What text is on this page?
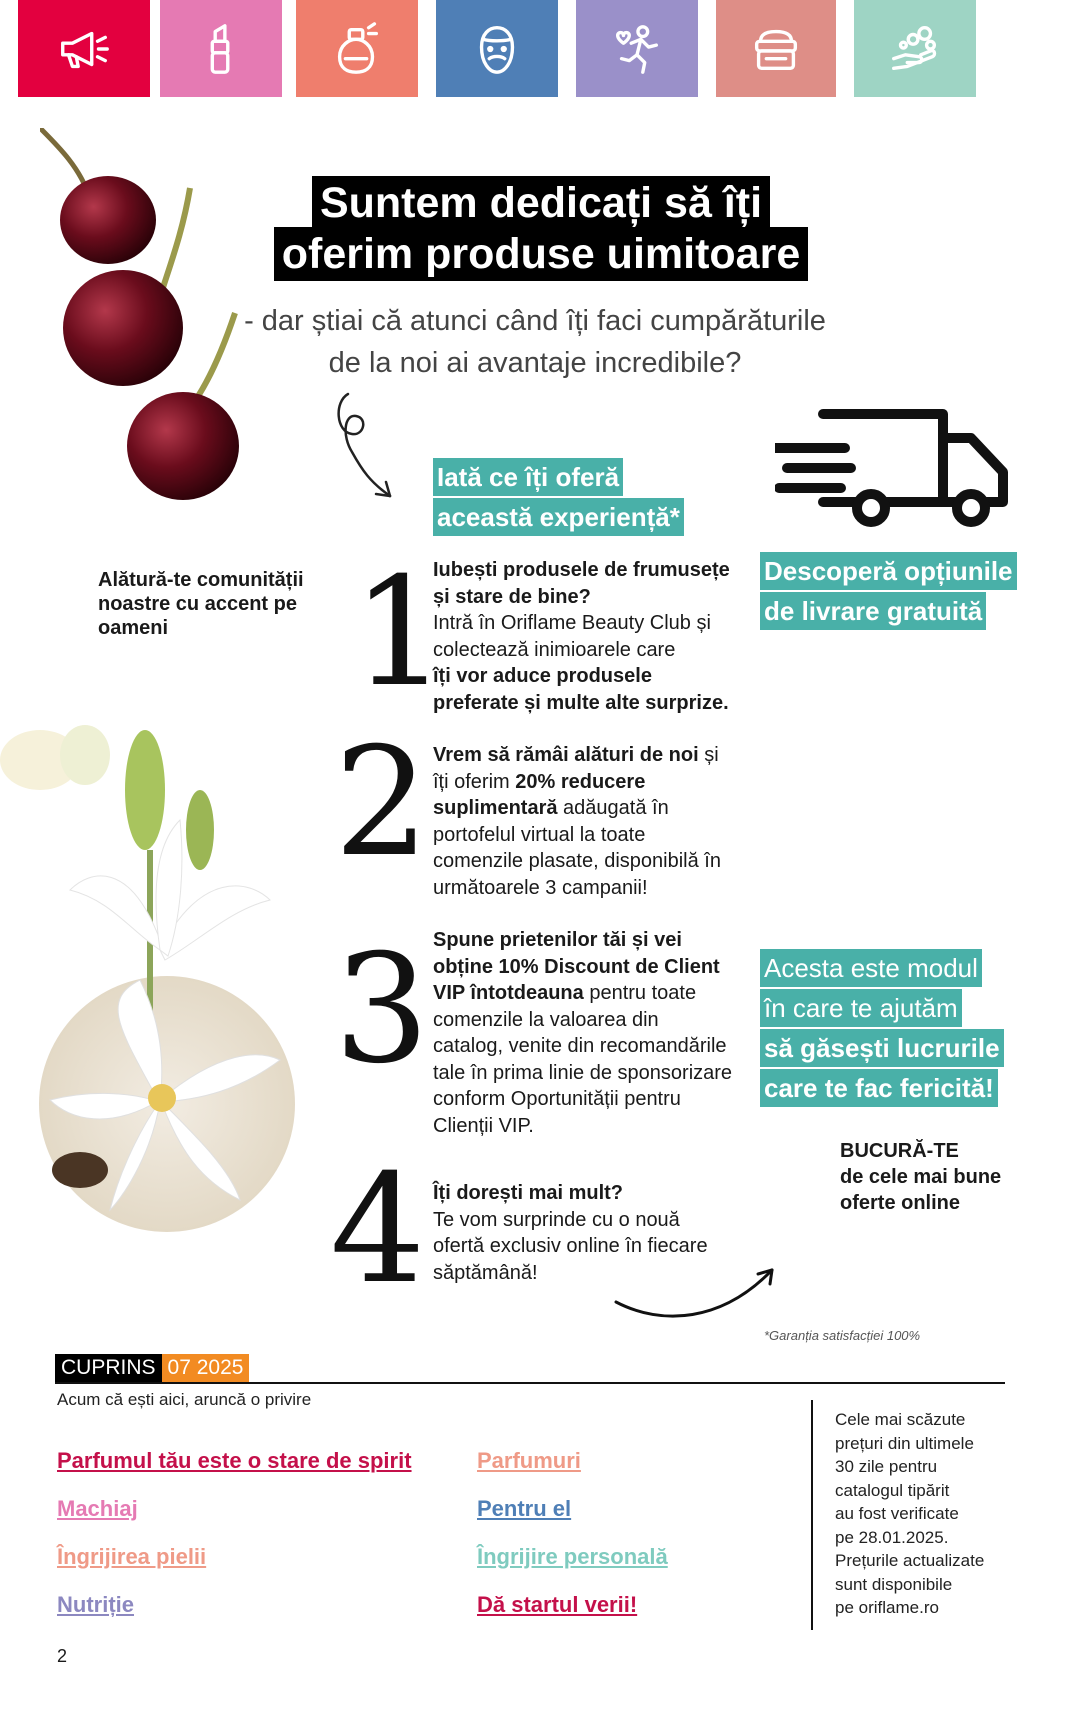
Suntem dedicați să îți
oferim produse uimitoare
- dar știai că atunci când îți faci cumpărăturile
de la noi ai avantaje incredibile?
Iată ce îți oferă
această experiență*
Alătură-te comunității noastre cu accent pe oameni
Descoperă opțiunile
de livrare gratuită
1
Iubești produsele de frumusețe și stare de bine?
Intră în Oriflame Beauty Club și colectează inimioarele care
îți vor aduce produsele preferate și multe alte surprize.
2 Vrem să rămâi alături de noi și îți oferim 20% reducere suplimentară adăugată în portofelul virtual la toate comenzile plasate, disponibilă în următoarele 3 campanii!
3 Spune prietenilor tăi și vei obține 10% Discount de Client VIP întotdeauna pentru toate comenzile la valoarea din catalog, venite din recomandările tale în prima linie de sponsorizare conform Oportunității pentru Clienții VIP.
4 Îți dorești mai mult?
Te vom surprinde cu o nouă ofertă exclusiv online în fiecare săptămână!
Acesta este modul
în care te ajutăm
să găsești lucrurile
care te fac fericită!
BUCURĂ-TE
de cele mai bune
oferte online
*Garanția satisfacției 100%
CUPRINS 07 2025
Acum că ești aici, aruncă o privire
Parfumul tău este o stare de spirit
Machiaj
Îngrijirea pielii
Nutriție
Parfumuri
Pentru el
Îngrijire personală
Dă startul verii!
Cele mai scăzute
prețuri din ultimele
30 zile pentru
catalogul tipărit
au fost verificate
pe 28.01.2025.
Prețurile actualizate
sunt disponibile
pe oriflame.ro
2
